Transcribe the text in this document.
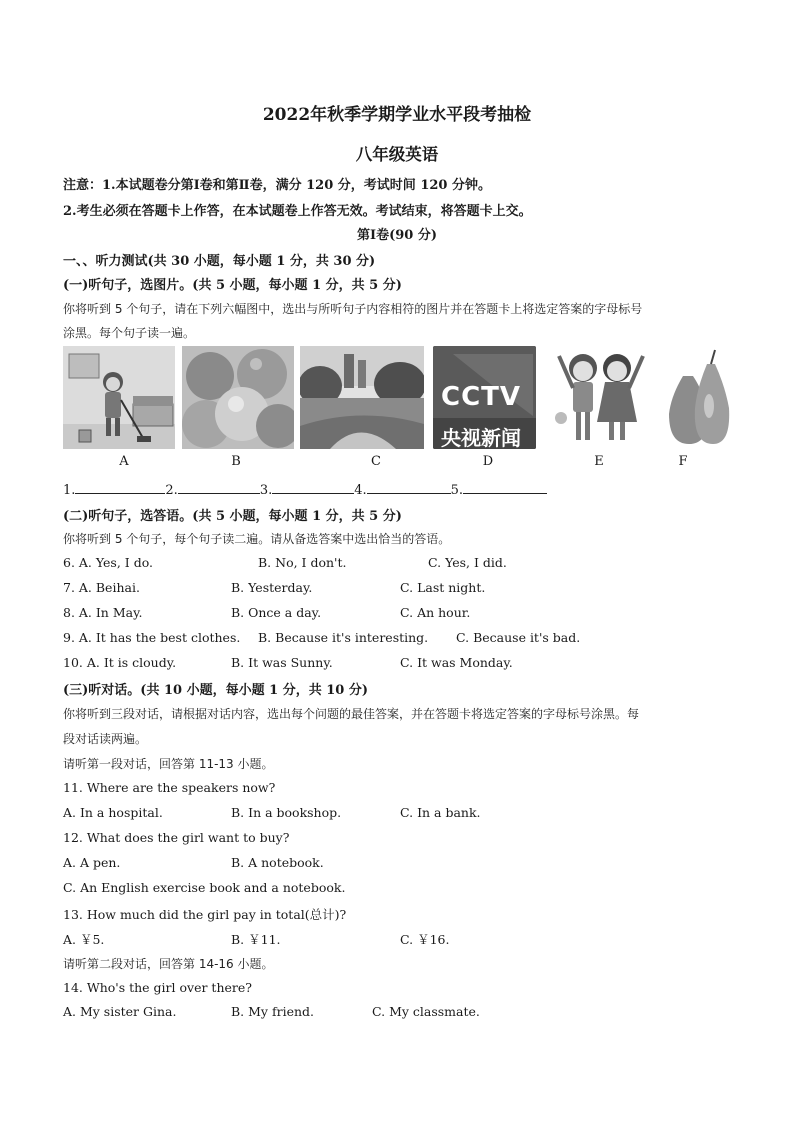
2022年秋季学期学业水平段考抽检
八年级英语
注意：1.本试题卷分第Ⅰ卷和第Ⅱ卷，满分 120 分，考试时间 120 分钟。
2.考生必须在答题卡上作答，在本试题卷上作答无效。考试结束，将答题卡上交。
第Ⅰ卷(90 分)
一、、听力测试(共 30 小题，每小题 1 分，共 30 分)
(一)听句子，选图片。(共 5 小题，每小题 1 分，共 5 分)
你将听到 5 个句子，请在下列六幅图中，选出与所听句子内容相符的图片并在答题卡上将选定答案的字母标号
涂黑。每个句子读一遍。
CCTV
央视新闻
A	B	C	D	E	F
1.	2.	3.	4.	5.
(二)听句子，选答语。(共 5 小题，每小题 1 分，共 5 分)
你将听到 5 个句子，每个句子读二遍。请从备选答案中选出恰当的答语。
6. A. Yes, I do.	B. No, I don't.	C. Yes, I did.
7. A. Beihai.	B. Yesterday.	C. Last night.
8. A. In May.	B. Once a day.	C. An hour.
9. A. It has the best clothes. B. Because it's interesting. C. Because it's bad.
10. A. It is cloudy.	B. It was Sunny.	C. It was Monday.
(三)听对话。(共 10 小题，每小题 1 分，共 10 分)
你将听到三段对话，请根据对话内容，选出每个问题的最佳答案，并在答题卡将选定答案的字母标号涂黑。每
段对话读两遍。
请听第一段对话，回答第 11-13 小题。
11. Where are the speakers now?
A. In a hospital.	B. In a bookshop.	C. In a bank.
12. What does the girl want to buy?
A. A pen.	B. A notebook.
C. An English exercise book and a notebook.
13. How much did the girl pay in total(总计)?
A. ￥5.	B. ￥11.	C. ￥16.
请听第二段对话，回答第 14-16 小题。
14. Who's the girl over there?
A. My sister Gina.	B. My friend.	C. My classmate.
